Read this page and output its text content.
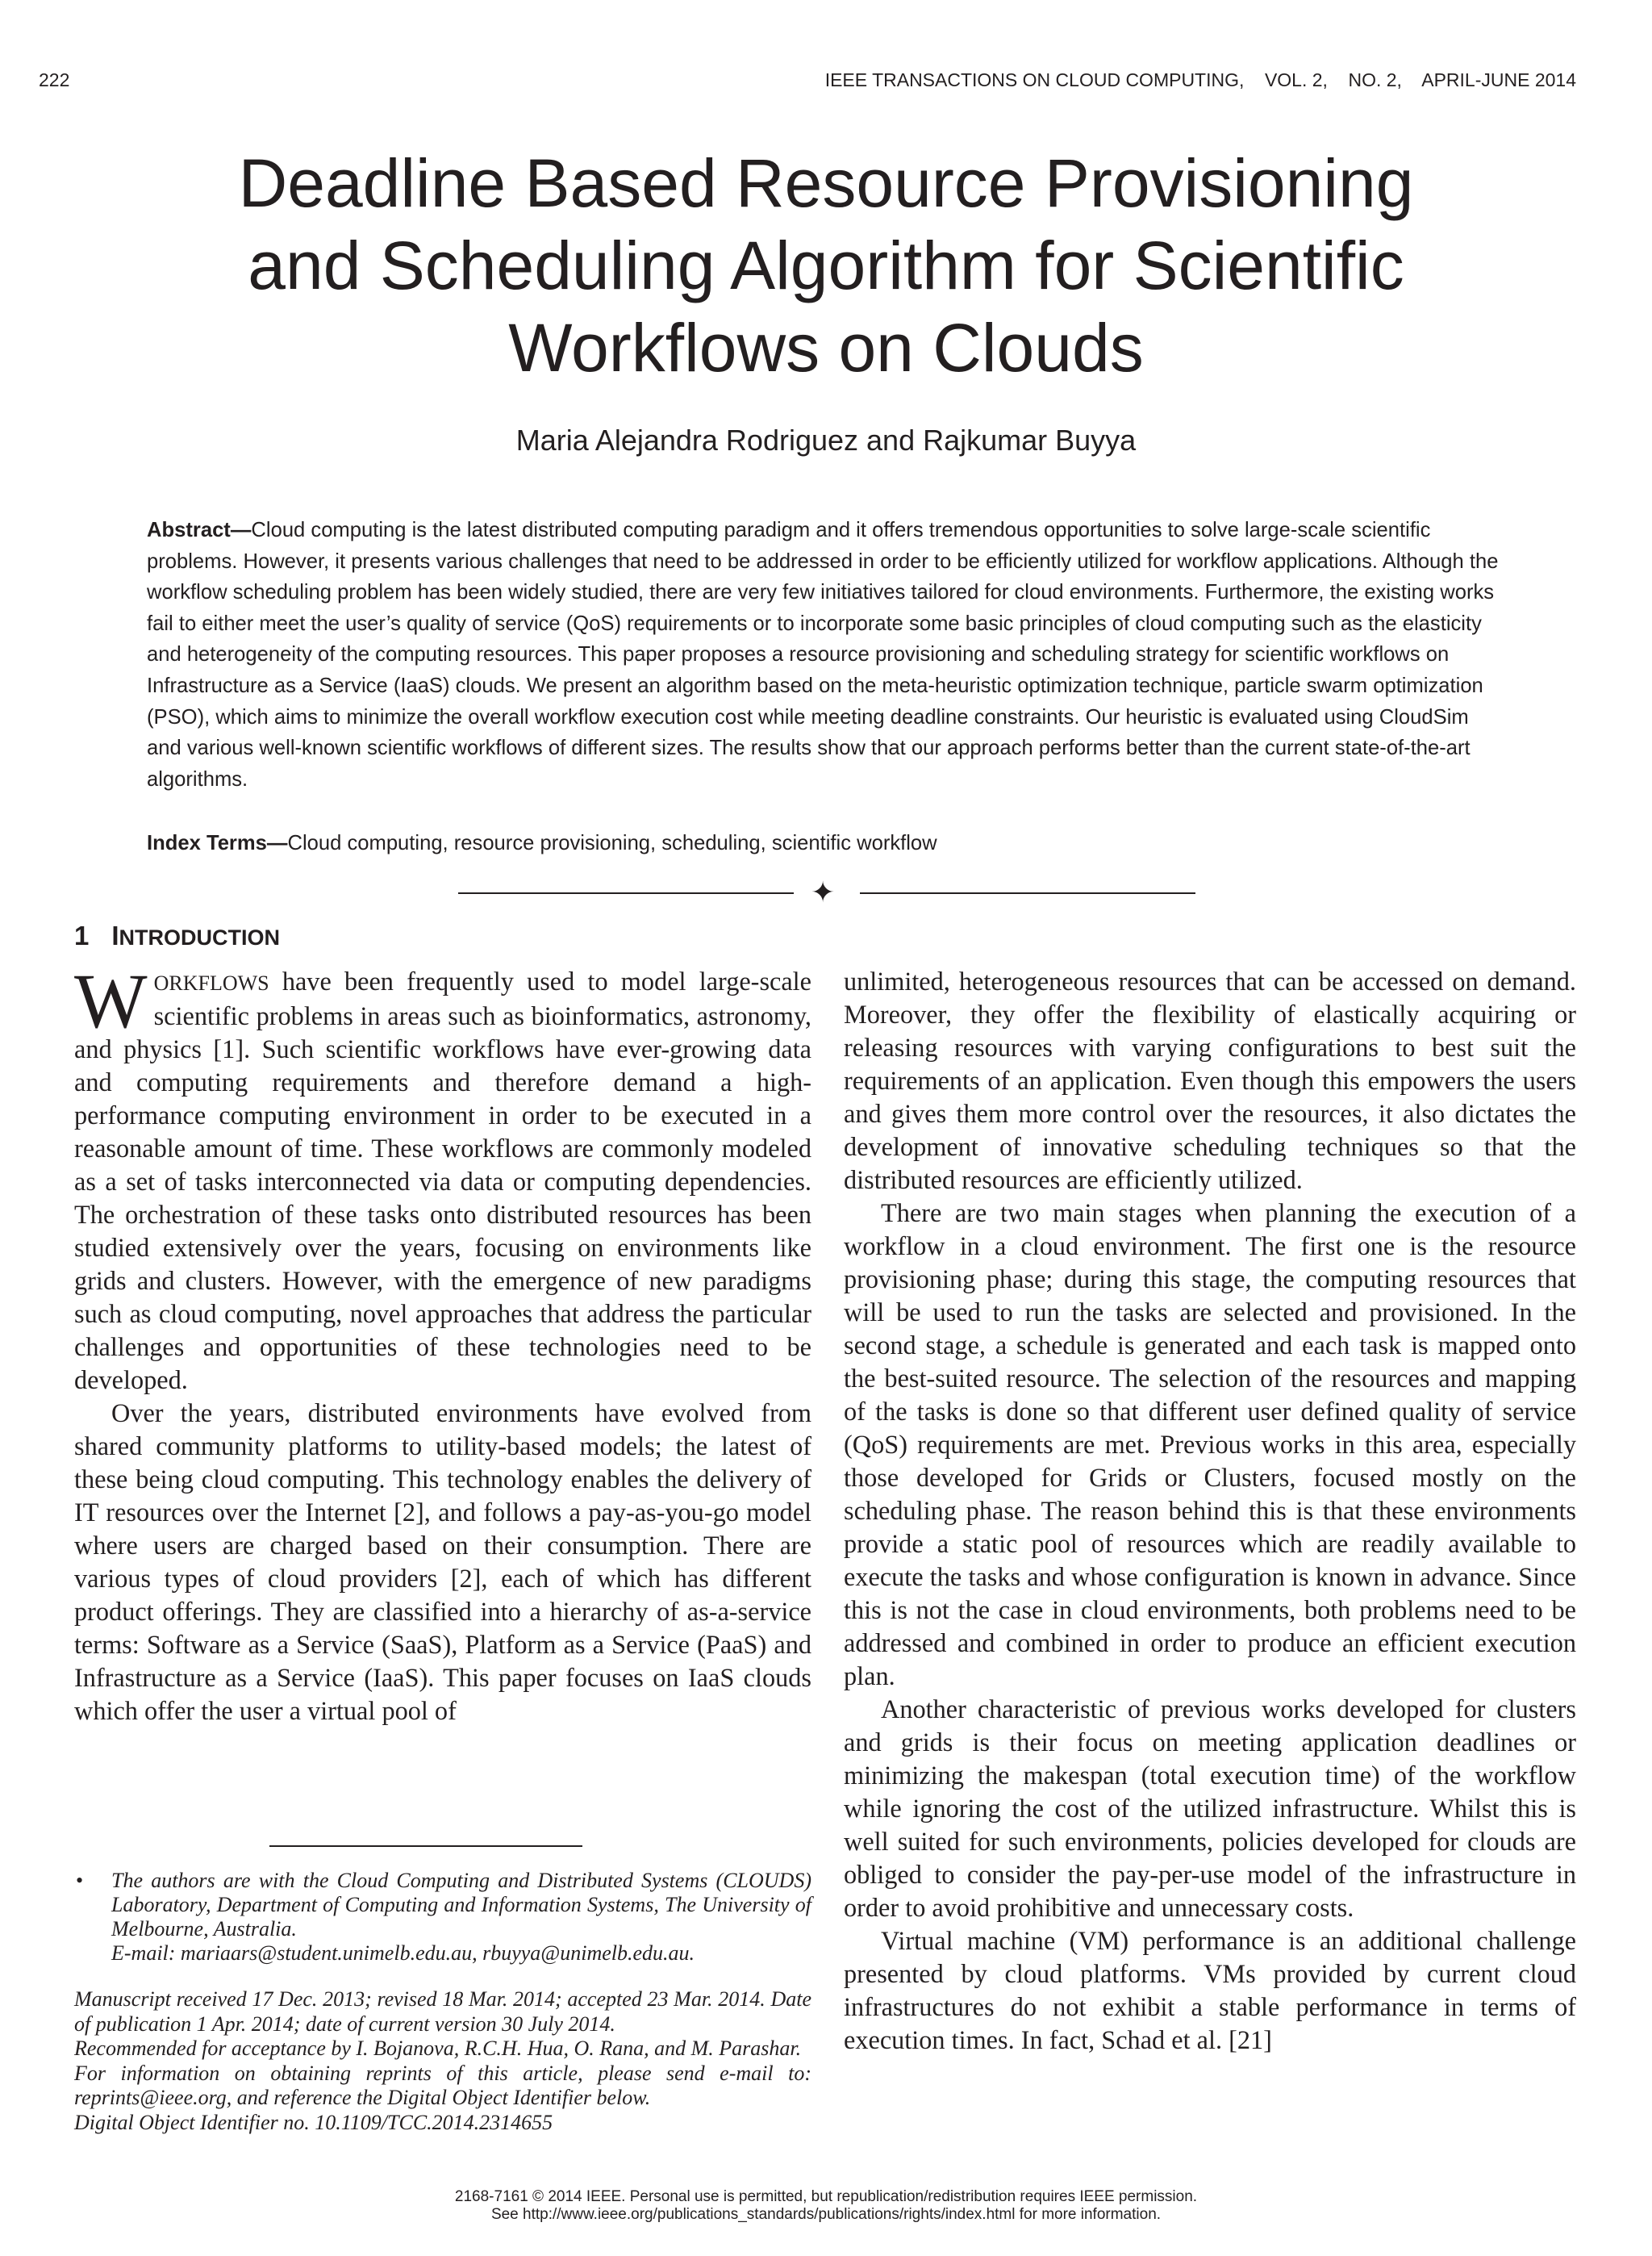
222	IEEE TRANSACTIONS ON CLOUD COMPUTING,    VOL. 2,    NO. 2,    APRIL-JUNE 2014
Deadline Based Resource Provisioning
and Scheduling Algorithm for Scientific
Workflows on Clouds
Maria Alejandra Rodriguez and Rajkumar Buyya

Abstract—Cloud computing is the latest distributed computing paradigm and it offers tremendous opportunities to solve large-scale scientific problems. However, it presents various challenges that need to be addressed in order to be efficiently utilized for workflow applications. Although the workflow scheduling problem has been widely studied, there are very few initiatives tailored for cloud environments. Furthermore, the existing works fail to either meet the user’s quality of service (QoS) requirements or to incorporate some basic principles of cloud computing such as the elasticity and heterogeneity of the computing resources. This paper proposes a resource provisioning and scheduling strategy for scientific workflows on Infrastructure as a Service (IaaS) clouds. We present an algorithm based on the meta-heuristic optimization technique, particle swarm optimization (PSO), which aims to minimize the overall workflow execution cost while meeting deadline constraints. Our heuristic is evaluated using CloudSim and various well-known scientific workflows of different sizes. The results show that our approach performs better than the current state-of-the-art algorithms.

Index Terms—Cloud computing, resource provisioning, scheduling, scientific workflow

✦
1 INTRODUCTION

WORKFLOWS have been frequently used to model large-scale scientific problems in areas such as bioinformatics, astronomy, and physics [1]. Such scientific workflows have ever-growing data and computing requirements and therefore demand a high-performance computing environment in order to be executed in a reasonable amount of time. These workflows are commonly modeled as a set of tasks interconnected via data or computing dependencies. The orchestration of these tasks onto distributed resources has been studied extensively over the years, focusing on environments like grids and clusters. However, with the emergence of new paradigms such as cloud computing, novel approaches that address the particular challenges and opportunities of these technologies need to be developed.

Over the years, distributed environments have evolved from shared community platforms to utility-based models; the latest of these being cloud computing. This technology enables the delivery of IT resources over the Internet [2], and follows a pay-as-you-go model where users are charged based on their consumption. There are various types of cloud providers [2], each of which has different product offerings. They are classified into a hierarchy of as-a-service terms: Software as a Service (SaaS), Platform as a Service (PaaS) and Infrastructure as a Service (IaaS). This paper focuses on IaaS clouds which offer the user a virtual pool of

unlimited, heterogeneous resources that can be accessed on demand. Moreover, they offer the flexibility of elastically acquiring or releasing resources with varying configurations to best suit the requirements of an application. Even though this empowers the users and gives them more control over the resources, it also dictates the development of innovative scheduling techniques so that the distributed resources are efficiently utilized.

There are two main stages when planning the execution of a workflow in a cloud environment. The first one is the resource provisioning phase; during this stage, the computing resources that will be used to run the tasks are selected and provisioned. In the second stage, a schedule is generated and each task is mapped onto the best-suited resource. The selection of the resources and mapping of the tasks is done so that different user defined quality of service (QoS) requirements are met. Previous works in this area, especially those developed for Grids or Clusters, focused mostly on the scheduling phase. The reason behind this is that these environments provide a static pool of resources which are readily available to execute the tasks and whose configuration is known in advance. Since this is not the case in cloud environments, both problems need to be addressed and combined in order to produce an efficient execution plan.

Another characteristic of previous works developed for clusters and grids is their focus on meeting application deadlines or minimizing the makespan (total execution time) of the workflow while ignoring the cost of the utilized infrastructure. Whilst this is well suited for such environments, policies developed for clouds are obliged to consider the pay-per-use model of the infrastructure in order to avoid prohibitive and unnecessary costs.

Virtual machine (VM) performance is an additional challenge presented by cloud platforms. VMs provided by current cloud infrastructures do not exhibit a stable performance in terms of execution times. In fact, Schad et al. [21]

• The authors are with the Cloud Computing and Distributed Systems (CLOUDS) Laboratory, Department of Computing and Information Systems, The University of Melbourne, Australia.
E-mail: mariaars@student.unimelb.edu.au, rbuyya@unimelb.edu.au.
Manuscript received 17 Dec. 2013; revised 18 Mar. 2014; accepted 23 Mar. 2014. Date of publication 1 Apr. 2014; date of current version 30 July 2014.
Recommended for acceptance by I. Bojanova, R.C.H. Hua, O. Rana, and M. Parashar.
For information on obtaining reprints of this article, please send e-mail to: reprints@ieee.org, and reference the Digital Object Identifier below.
Digital Object Identifier no. 10.1109/TCC.2014.2314655
2168-7161 © 2014 IEEE. Personal use is permitted, but republication/redistribution requires IEEE permission.
See http://www.ieee.org/publications_standards/publications/rights/index.html for more information.
